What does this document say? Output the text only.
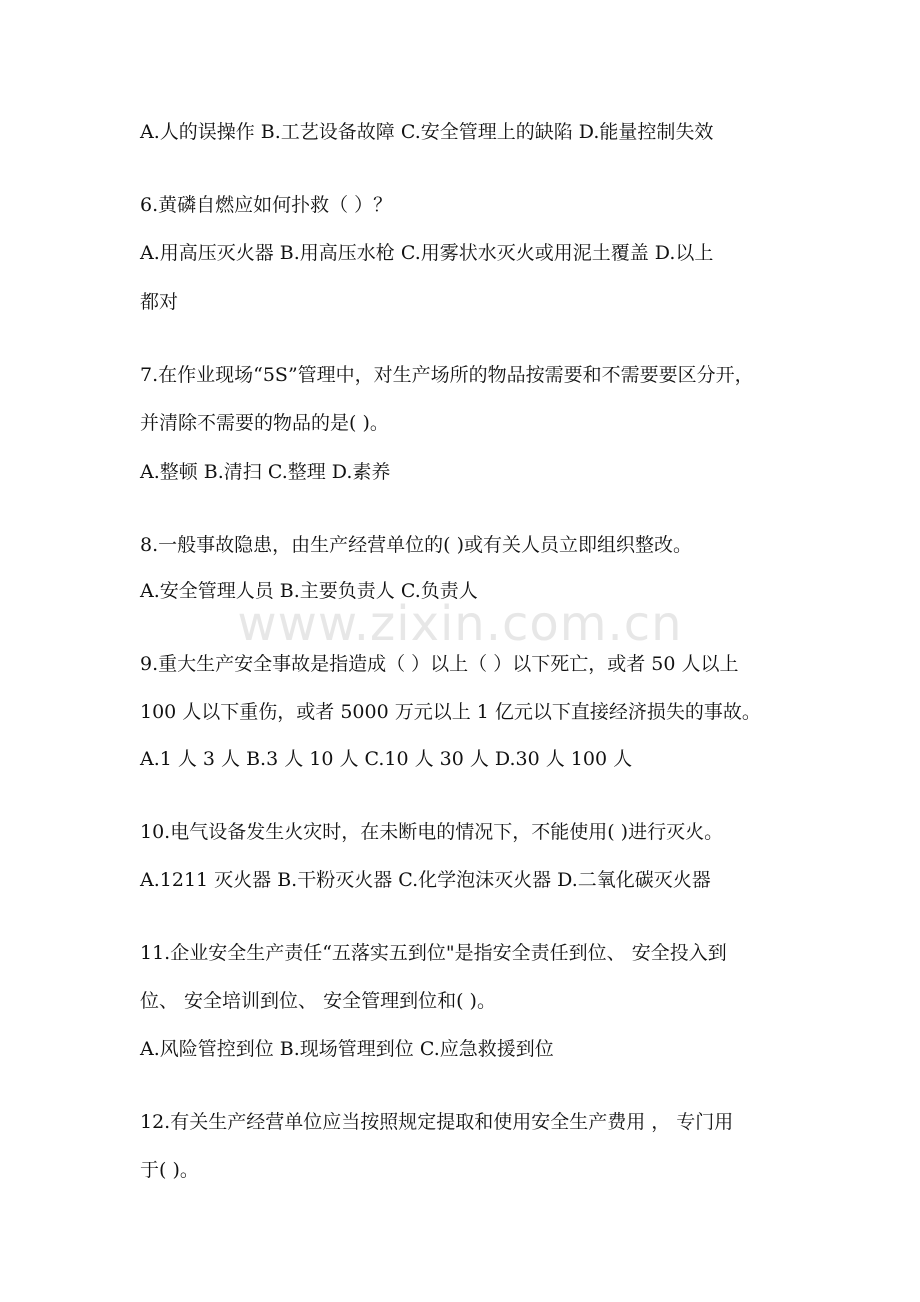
www.zixin.com.cn
A.人的误操作 B.工艺设备故障 C.安全管理上的缺陷 D.能量控制失效
6.黄磷自燃应如何扑救（ ）？
A.用高压灭火器 B.用高压水枪 C.用雾状水灭火或用泥土覆盖 D.以上
都对
7.在作业现场“5S”管理中，对生产场所的物品按需要和不需要要区分开，
并清除不需要的物品的是( )。
A.整顿 B.清扫 C.整理 D.素养
8.一般事故隐患，由生产经营单位的( )或有关人员立即组织整改。
A.安全管理人员 B.主要负责人 C.负责人
9.重大生产安全事故是指造成（ ）以上（ ）以下死亡，或者 50 人以上
100 人以下重伤，或者 5000 万元以上 1 亿元以下直接经济损失的事故。
A.1 人 3 人 B.3 人 10 人 C.10 人 30 人 D.30 人 100 人
10.电气设备发生火灾时，在未断电的情况下，不能使用( )进行灭火。
A.1211 灭火器 B.干粉灭火器 C.化学泡沫灭火器 D.二氧化碳灭火器
11.企业安全生产责任“五落实五到位"是指安全责任到位、 安全投入到
位、 安全培训到位、 安全管理到位和( )。
A.风险管控到位 B.现场管理到位 C.应急救援到位
12.有关生产经营单位应当按照规定提取和使用安全生产费用 ， 专门用
于( )。
